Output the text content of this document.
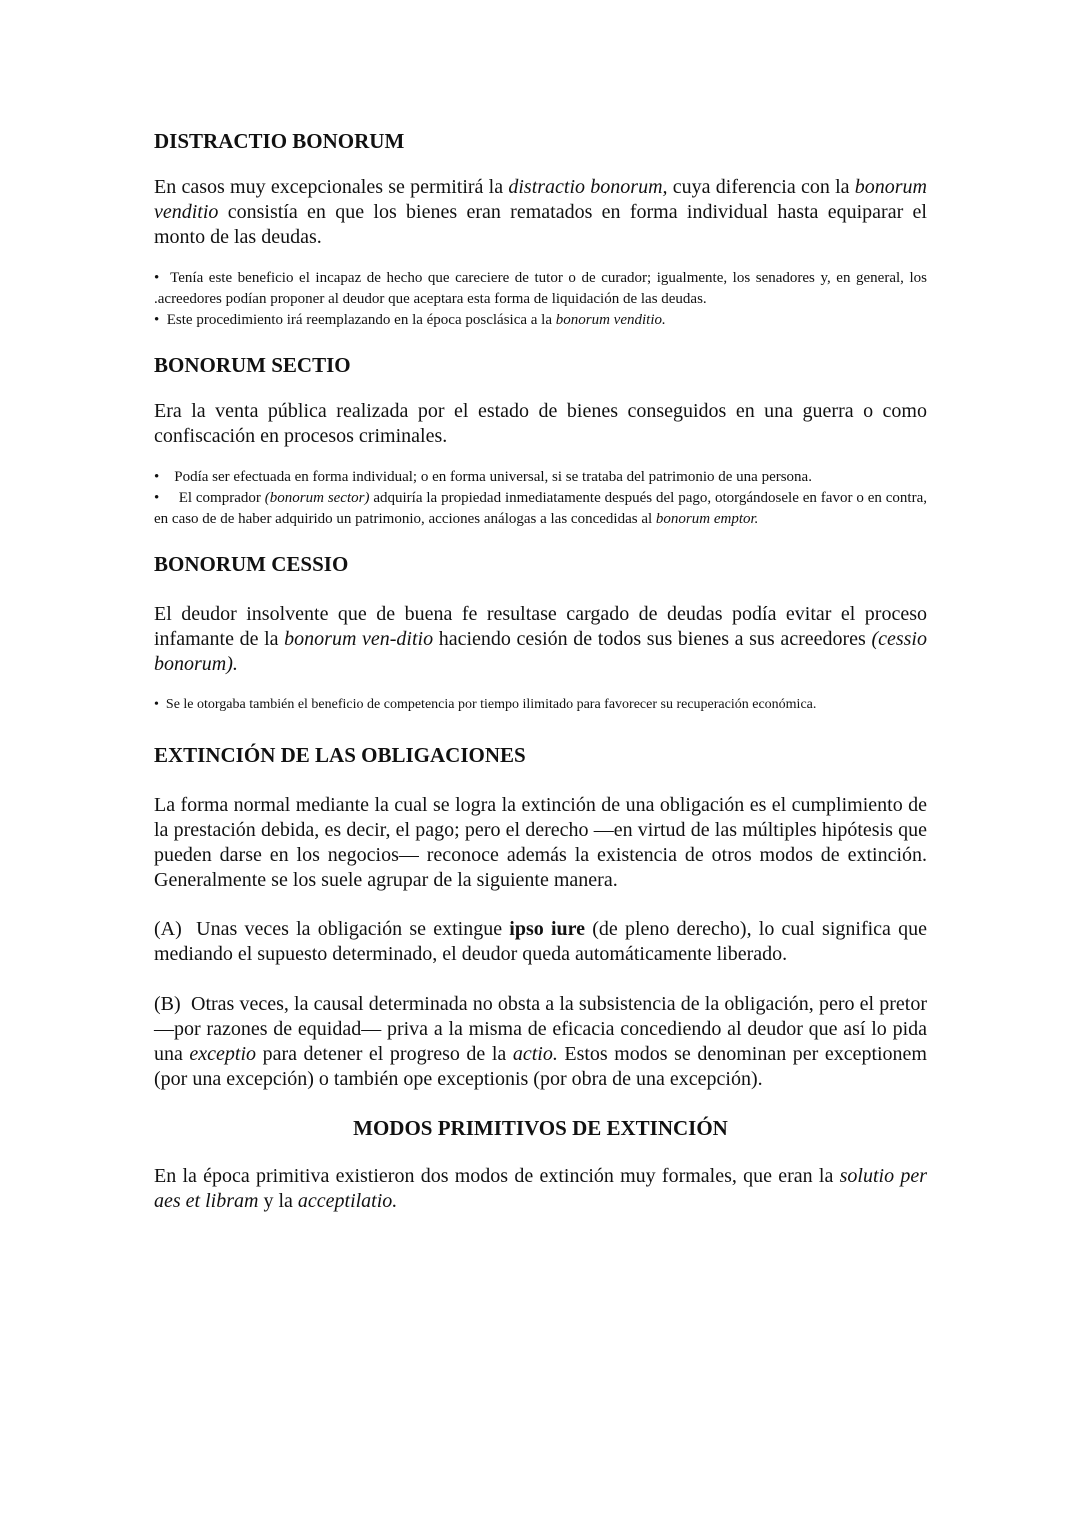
DISTRACTIO BONORUM

En casos muy excepcionales se permitirá la distractio bonorum, cuya diferencia con la bonorum venditio consistía en que los bienes eran rematados en forma individual hasta equiparar el monto de las deudas.

• Tenía este beneficio el incapaz de hecho que careciere de tutor o de curador; igualmente, los senadores y, en general, los .acreedores podían proponer al deudor que aceptara esta forma de liquidación de las deudas.

• Este procedimiento irá reemplazando en la época posclásica a la bonorum venditio.

BONORUM SECTIO

Era la venta pública realizada por el estado de bienes conseguidos en una guerra o como confiscación en procesos criminales.

• Podía ser efectuada en forma individual; o en forma universal, si se trataba del patrimonio de una persona.

• El comprador (bonorum sector) adquiría la propiedad inmediatamente después del pago, otorgándosele en favor o en contra, en caso de de haber adquirido un patrimonio, acciones análogas a las concedidas al bonorum emptor.

BONORUM CESSIO

El deudor insolvente que de buena fe resultase cargado de deudas podía evitar el proceso infamante de la bonorum ven-ditio haciendo cesión de todos sus bienes a sus acreedores (cessio bonorum).

• Se le otorgaba también el beneficio de competencia por tiempo ilimitado para favorecer su recuperación económica.

EXTINCIÓN DE LAS OBLIGACIONES

La forma normal mediante la cual se logra la extinción de una obligación es el cumplimiento de la prestación debida, es decir, el pago; pero el derecho —en virtud de las múltiples hipótesis que pueden darse en los negocios— reconoce además la existencia de otros modos de extinción. Generalmente se los suele agrupar de la siguiente manera.

(A) Unas veces la obligación se extingue ipso iure (de pleno derecho), lo cual significa que mediando el supuesto determinado, el deudor queda automáticamente liberado.

(B) Otras veces, la causal determinada no obsta a la subsistencia de la obligación, pero el pretor —por razones de equidad— priva a la misma de eficacia concediendo al deudor que así lo pida una exceptio para detener el progreso de la actio. Estos modos se denominan per exceptionem (por una excepción) o también ope exceptionis (por obra de una excepción).

MODOS PRIMITIVOS DE EXTINCIÓN

En la época primitiva existieron dos modos de extinción muy formales, que eran la solutio per aes et libram y la acceptilatio.
